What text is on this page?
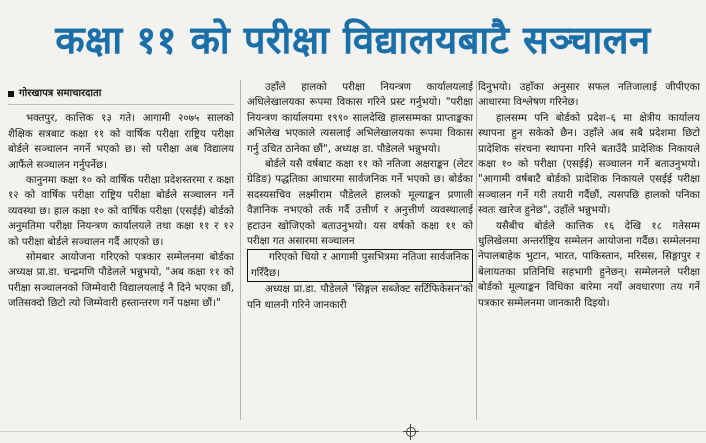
कक्षा ११ को परीक्षा विद्यालयबाटै सञ्चालन
गोरखापत्र समाचारदाता

भक्तपुर, कात्तिक १३ गते। आगामी २०७५ सालको शैक्षिक सत्रबाट कक्षा ११ को वार्षिक परीक्षा राष्ट्रिय परीक्षा बोर्डले सञ्चालन नगर्ने भएको छ। सो परीक्षा अब विद्यालय आफैंले सञ्चालन गर्नुपर्नेछ।

कानुनमा कक्षा १० को वार्षिक परीक्षा प्रदेशस्तरमा र कक्षा १२ को वार्षिक परीक्षा राष्ट्रिय परीक्षा बोर्डले सञ्चालन गर्ने व्यवस्था छ। हाल कक्षा १० को वार्षिक परीक्षा (एसईई) बोर्डको अनुमतिमा परीक्षा नियन्त्रण कार्यालयले तथा कक्षा ११ र १२ को परीक्षा बोर्डले सञ्चालन गर्दै आएको छ।

सोमबार आयोजना गरिएको पत्रकार सम्मेलनमा बोर्डका अध्यक्ष प्रा.डा. चन्द्रमणि पौडेलले भन्नुभयो, "अब कक्षा ११ को परीक्षा सञ्चालनको जिम्मेवारी विद्यालयलाई नै दिने भएका छौं, जतिसक्दो छिटो त्यो जिम्मेवारी हस्तान्तरण गर्ने पक्षमा छौं।"

उहाँले हालको परीक्षा नियन्त्रण कार्यालयलाई अधिलेखालयका रूपमा विकास गरिने प्रस्ट गर्नुभयो। "परीक्षा नियन्त्रण कार्यालयमा १९९० सालदेखि हालसम्मका प्राप्ताङ्कका अभिलेख भएकाले त्यसलाई अभिलेखालयका रूपमा विकास गर्नु उचित ठानेका छौं", अध्यक्ष डा. पौडेलले भन्नुभयो।

बोर्डले यसै वर्षबाट कक्षा ११ को नतिजा अक्षराङ्कन (लेटर ग्रेडिङ) पद्धतिका आधारमा सार्वजनिक गर्ने भएको छ। बोर्डका सदस्यसचिव लक्ष्मीराम पौडेलले हालको मूल्याङ्कन प्रणाली वैज्ञानिक नभएको तर्क गर्दै उत्तीर्ण र अनुत्तीर्ण व्यवस्थालाई हटाउन खोजिएको बताउनुभयो। यस वर्षको कक्षा ११ को परीक्षा गत असारमा सञ्चालन

गरिएको थियो र आगामी पुसभित्रमा नतिजा सार्वजनिक गरिँदैछ।

अध्यक्ष प्रा.डा. पौडेलले 'सिङ्गल सब्जेक्ट सर्टिफिकेसन'को पनि थालनी गरिने जानकारी

दिनुभयो। उहाँका अनुसार सफल नतिजालाई जीपीएका आधारमा विश्लेषण गरिनेछ।

हालसम्म पनि बोर्डको प्रदेश–६ मा क्षेत्रीय कार्यालय स्थापना हुन सकेको छैन। उहाँले अब सबै प्रदेशमा छिटो प्रादेशिक संरचना स्थापना गरिने बताउँदै प्रादेशिक निकायले कक्षा १० को परीक्षा (एसईई) सञ्चालन गर्ने बताउनुभयो। "आगामी वर्षबाटै बोर्डको प्रादेशिक निकायले एसईई परीक्षा सञ्चालन गर्ने गरी तयारी गर्दैछौं, त्यसपछि हालको पनिका स्वतः खारेज हुनेछ", उहाँले भन्नुभयो।

यसैबीच बोर्डले कात्तिक १६ देखि १८ गतेसम्म धुलिखेलमा अन्तर्राष्ट्रिय सम्मेलन आयोजना गर्दैछ। सम्मेलनमा नेपालबाहेक भुटान, भारत, पाकिस्तान, मरिसस, सिङ्गापुर र बेलायतका प्रतिनिधि सहभागी हुनेछन्। सम्मेलनले परीक्षा बोर्डको मूल्याङ्कन विधिका बारेमा नयाँ अवधारणा तय गर्ने पत्रकार सम्मेलनमा जानकारी दिइयो।
